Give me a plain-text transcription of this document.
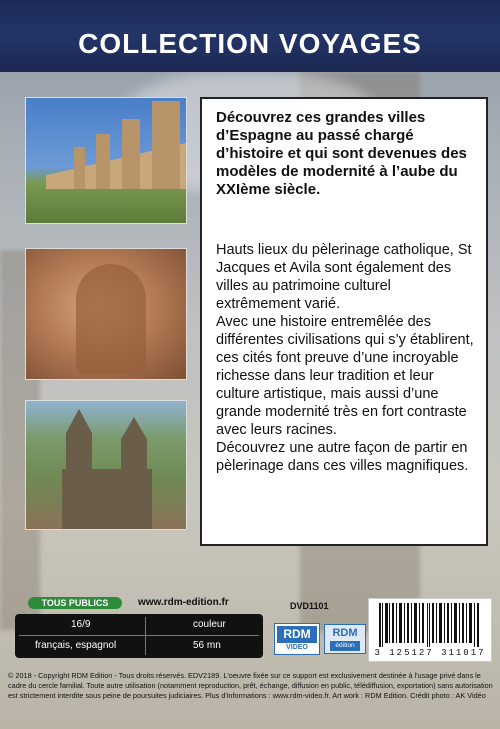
COLLECTION VOYAGES
Découvrez ces grandes villes d’Espagne au passé chargé d’histoire et qui sont devenues des modèles de modernité à l’aube du XXIème siècle.

Hauts lieux du pèlerinage catholique, St Jacques et Avila sont également des villes au patrimoine culturel extrêmement varié.

Avec une histoire entremêlée des différentes civilisations qui s’y établirent, ces cités font preuve d’une incroyable richesse dans leur tradition et leur culture artistique, mais aussi d’une grande modernité très en fort contraste avec leurs racines.

Découvrez une autre façon de partir en pèlerinage dans ces villes magnifiques.

TOUS PUBLICS	www.rdm-edition.fr	DVD1101
16/9	couleur
français, espagnol	56 mn
RDM
VIDEO
RDM
édition
3 125127 311017
© 2018 - Copyright RDM Edition - Tous droits réservés. EDV2189. L'oeuvre fixée sur ce support est exclusivement destinée à l'usage privé dans le cadre du cercle familial. Toute autre utilisation (notamment reproduction, prêt, échange, diffusion en public, télédiffusion, exportation) sans autorisation est strictement interdite sous peine de poursuites judiciaires. Plus d'informations : www.rdm-video.fr. Art work : RDM Edition. Crédit photo : AK Vidéo
